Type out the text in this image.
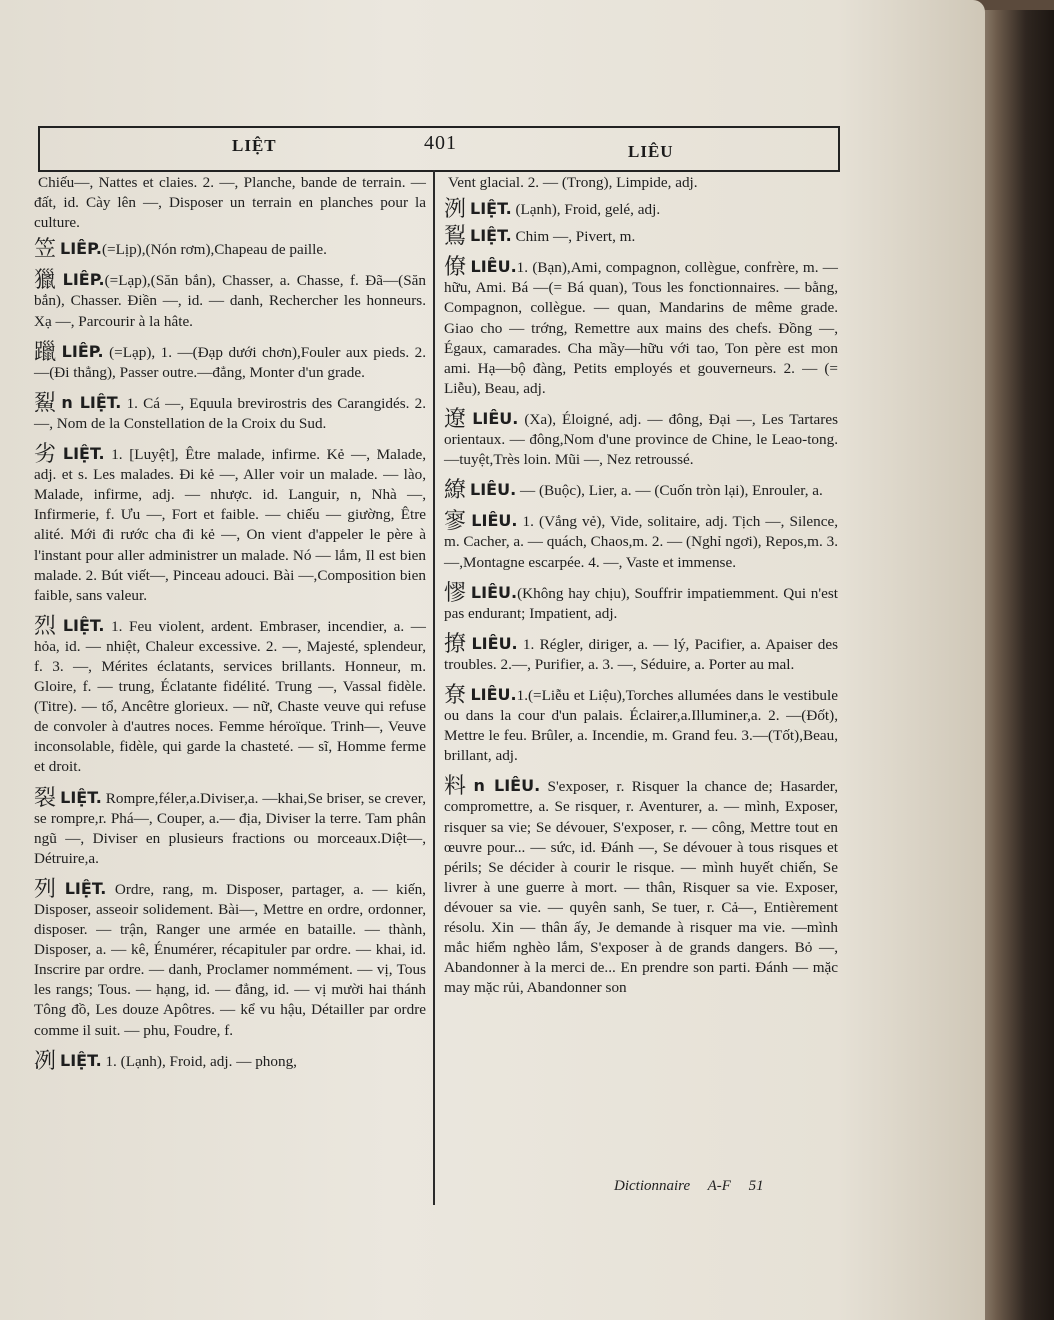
LIỆT	401	LIÊU

Chiếu—, Nattes et claies. 2. —, Planche, bande de terrain. — đất, id. Cày lên —, Disposer un terrain en planches pour la culture.

笠 LIÊP.(=Lịp),(Nón rơm),Chapeau de paille.

獵 LIÊP.(=Lạp),(Săn bắn), Chasser, a. Chasse, f. Đã—(Săn bắn), Chasser. Điền —, id. — danh, Rechercher les honneurs. Xạ —, Parcourir à la hâte.

躐 LIÊP. (=Lạp), 1. —(Đạp dưới chơn),Fouler aux pieds. 2.—(Đi thẳng), Passer outre.—đẳng, Monter d'un grade.

鮤 n LIỆT. 1. Cá —, Equula brevirostris des Carangidés. 2. —, Nom de la Constellation de la Croix du Sud.

劣 LIỆT. 1. [Luyệt], Être malade, infirme. Kẻ —, Malade, adj. et s. Les malades. Đi kẻ —, Aller voir un malade. — lào, Malade, infirme, adj. — nhược. id. Languir, n, Nhà —, Infirmerie, f. Ưu —, Fort et faible. — chiếu — giường, Être alité. Mới đi rước cha đi kẻ —, On vient d'appeler le père à l'instant pour aller administrer un malade. Nó — lắm, Il est bien malade. 2. Bút viết—, Pinceau adouci. Bài —,Composition bien faible, sans valeur.

烈 LIỆT. 1. Feu violent, ardent. Embraser, incendier, a. — hỏa, id. — nhiệt, Chaleur excessive. 2. —, Majesté, splendeur, f. 3. —, Mérites éclatants, services brillants. Honneur, m. Gloire, f. — trung, Éclatante fidélité. Trung —, Vassal fidèle. (Titre). — tổ, Ancêtre glorieux. — nữ, Chaste veuve qui refuse de convoler à d'autres noces. Femme héroïque. Trinh—, Veuve inconsolable, fidèle, qui garde la chasteté. — sĩ, Homme ferme et droit.

裂 LIỆT. Rompre,féler,a.Diviser,a. —khai,Se briser, se crever, se rompre,r. Phá—, Couper, a.— địa, Diviser la terre. Tam phân ngũ —, Diviser en plusieurs fractions ou morceaux.Diệt—, Détruire,a.

列 LIỆT. Ordre, rang, m. Disposer, partager, a. — kiến, Disposer, asseoir solidement. Bài—, Mettre en ordre, ordonner, disposer. — trận, Ranger une armée en bataille. — thành, Disposer, a. — kê, Énumérer, récapituler par ordre. — khai, id. Inscrire par ordre. — danh, Proclamer nommément. — vị, Tous les rangs; Tous. — hạng, id. — đẳng, id. — vị mười hai thánh Tông đồ, Les douze Apôtres. — kể vu hậu, Détailler par ordre comme il suit. — phu, Foudre, f.

冽 LIỆT. 1. (Lạnh), Froid, adj. — phong,

Vent glacial. 2. — (Trong), Limpide, adj.

洌 LIỆT. (Lạnh), Froid, gelé, adj.

鴷 LIỆT. Chim —, Pivert, m.

僚 LIÊU.1. (Bạn),Ami, compagnon, collègue, confrère, m. — hữu, Ami. Bá —(= Bá quan), Tous les fonctionnaires. — bằng, Compagnon, collègue. — quan, Mandarins de même grade. Giao cho — trớng, Remettre aux mains des chefs. Đồng —, Égaux, camarades. Cha mầy—hữu với tao, Ton père est mon ami. Hạ—bộ đàng, Petits employés et gouverneurs. 2. — (= Liễu), Beau, adj.

遼 LIÊU. (Xa), Éloigné, adj. — đông, Đại —, Les Tartares orientaux. — đông,Nom d'une province de Chine, le Leao-tong. —tuyệt,Très loin. Mũi —, Nez retroussé.

繚 LIÊU. — (Buộc), Lier, a. — (Cuốn tròn lại), Enrouler, a.

寥 LIÊU. 1. (Vắng vẻ), Vide, solitaire, adj. Tịch —, Silence, m. Cacher, a. — quách, Chaos,m. 2. — (Nghỉ ngơi), Repos,m. 3.—,Montagne escarpée. 4. —, Vaste et immense.

憀 LIÊU.(Không hay chịu), Souffrir impatiemment. Qui n'est pas endurant; Impatient, adj.

撩 LIÊU. 1. Régler, diriger, a. — lý, Pacifier, a. Apaiser des troubles. 2.—, Purifier, a. 3. —, Séduire, a. Porter au mal.

尞 LIÊU.1.(=Liễu et Liệu),Torches allumées dans le vestibule ou dans la cour d'un palais. Éclairer,a.Illuminer,a. 2. —(Đốt), Mettre le feu. Brûler, a. Incendie, m. Grand feu. 3.—(Tốt),Beau, brillant, adj.

料 n LIÊU. S'exposer, r. Risquer la chance de; Hasarder, compromettre, a. Se risquer, r. Aventurer, a. — mình, Exposer, risquer sa vie; Se dévouer, S'exposer, r. — công, Mettre tout en œuvre pour... — sức, id. Đánh —, Se dévouer à tous risques et périls; Se décider à courir le risque. — mình huyết chiến, Se livrer à une guerre à mort. — thân, Risquer sa vie. Exposer, dévouer sa vie. — quyên sanh, Se tuer, r. Cả—, Entièrement résolu. Xin — thân ấy, Je demande à risquer ma vie. —mình mắc hiểm nghèo lắm, S'exposer à de grands dangers. Bỏ —, Abandonner à la merci de... En prendre son parti. Đánh — mặc may mặc rủi, Abandonner son

Dictionnaire A-F 51
